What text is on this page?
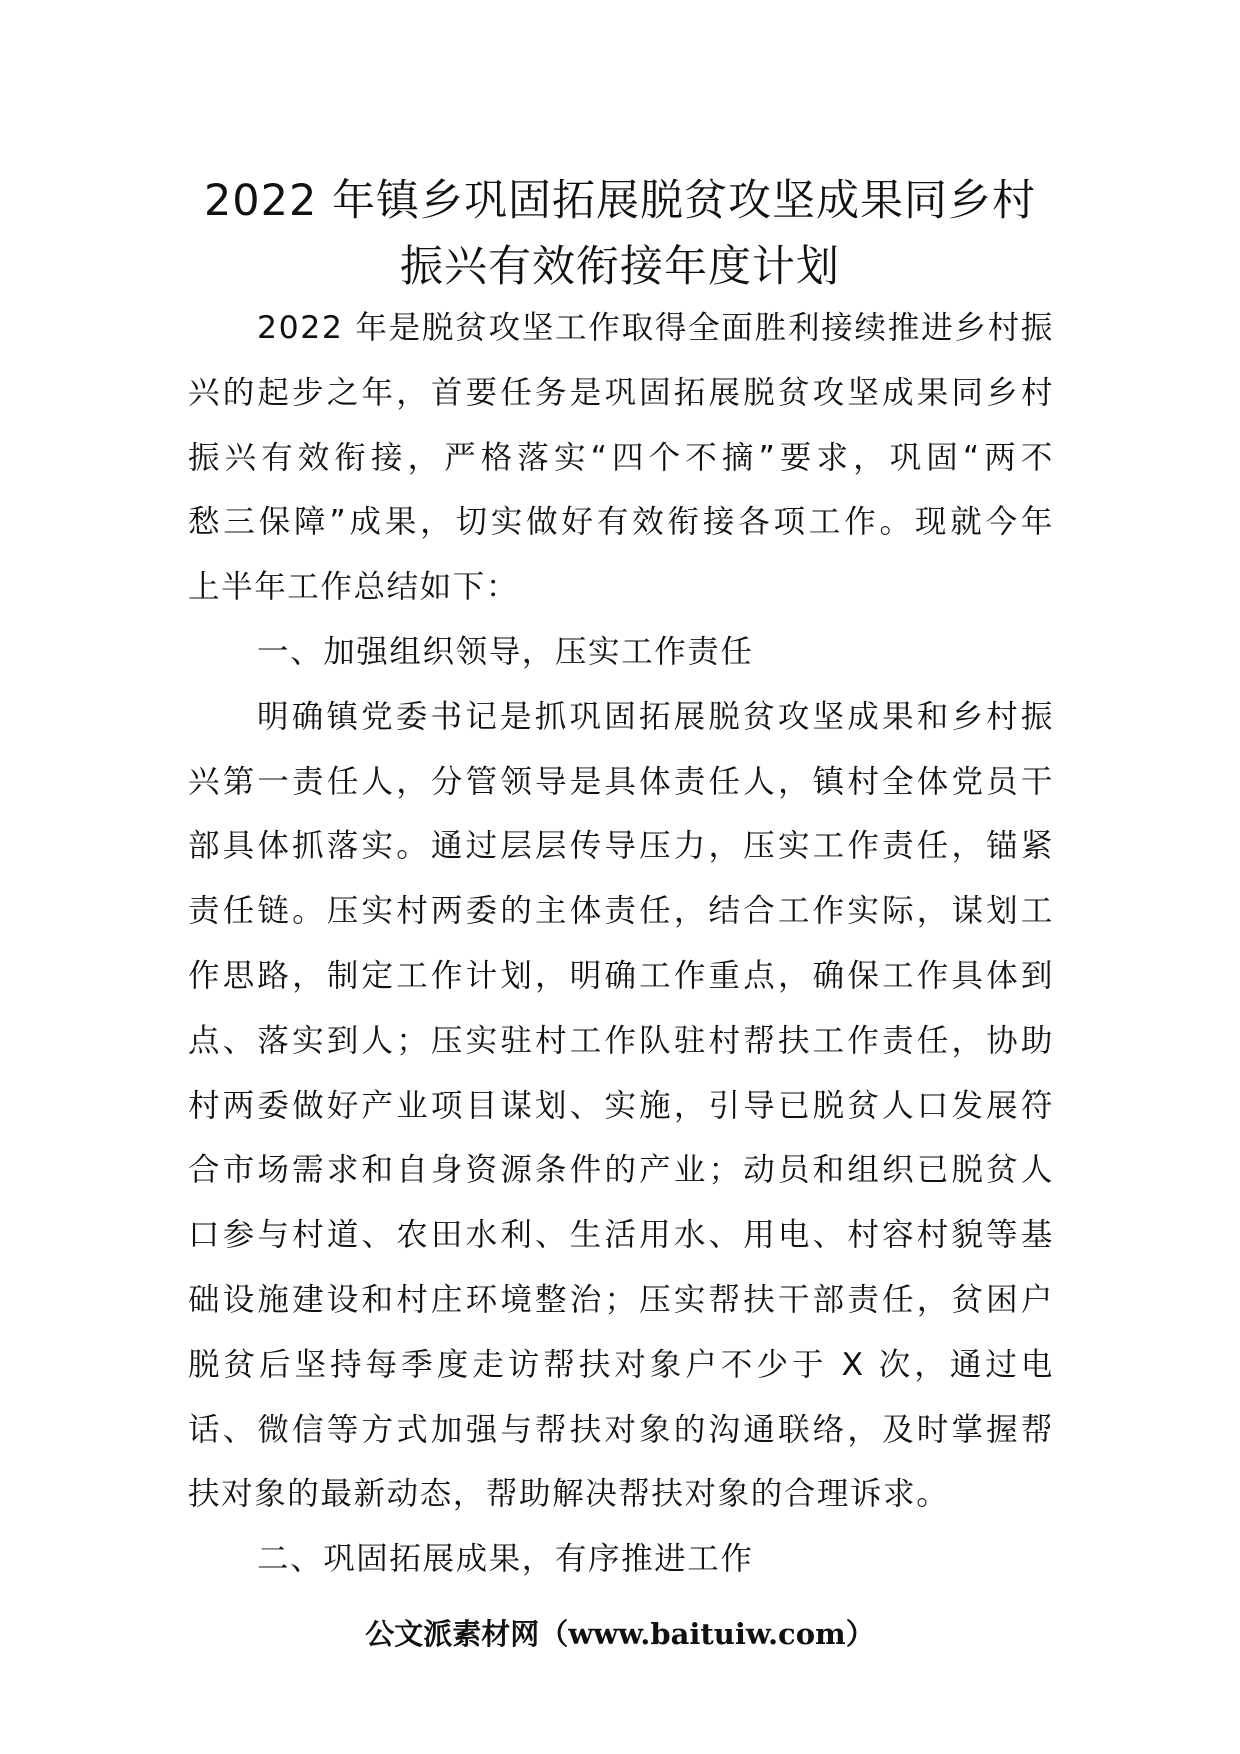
2022 年镇乡巩固拓展脱贫攻坚成果同乡村
振兴有效衔接年度计划
2022 年是脱贫攻坚工作取得全面胜利接续推进乡村振
兴的起步之年，首要任务是巩固拓展脱贫攻坚成果同乡村
振兴有效衔接，严格落实“四个不摘”要求，巩固“两不
愁三保障”成果，切实做好有效衔接各项工作。现就今年
上半年工作总结如下：
一、加强组织领导，压实工作责任
明确镇党委书记是抓巩固拓展脱贫攻坚成果和乡村振
兴第一责任人，分管领导是具体责任人，镇村全体党员干
部具体抓落实。通过层层传导压力，压实工作责任，锚紧
责任链。压实村两委的主体责任，结合工作实际，谋划工
作思路，制定工作计划，明确工作重点，确保工作具体到
点、落实到人；压实驻村工作队驻村帮扶工作责任，协助
村两委做好产业项目谋划、实施，引导已脱贫人口发展符
合市场需求和自身资源条件的产业；动员和组织已脱贫人
口参与村道、农田水利、生活用水、用电、村容村貌等基
础设施建设和村庄环境整治；压实帮扶干部责任，贫困户
脱贫后坚持每季度走访帮扶对象户不少于 X 次，通过电
话、微信等方式加强与帮扶对象的沟通联络，及时掌握帮
扶对象的最新动态，帮助解决帮扶对象的合理诉求。
二、巩固拓展成果，有序推进工作
公文派素材网（www.baituiw.com）
